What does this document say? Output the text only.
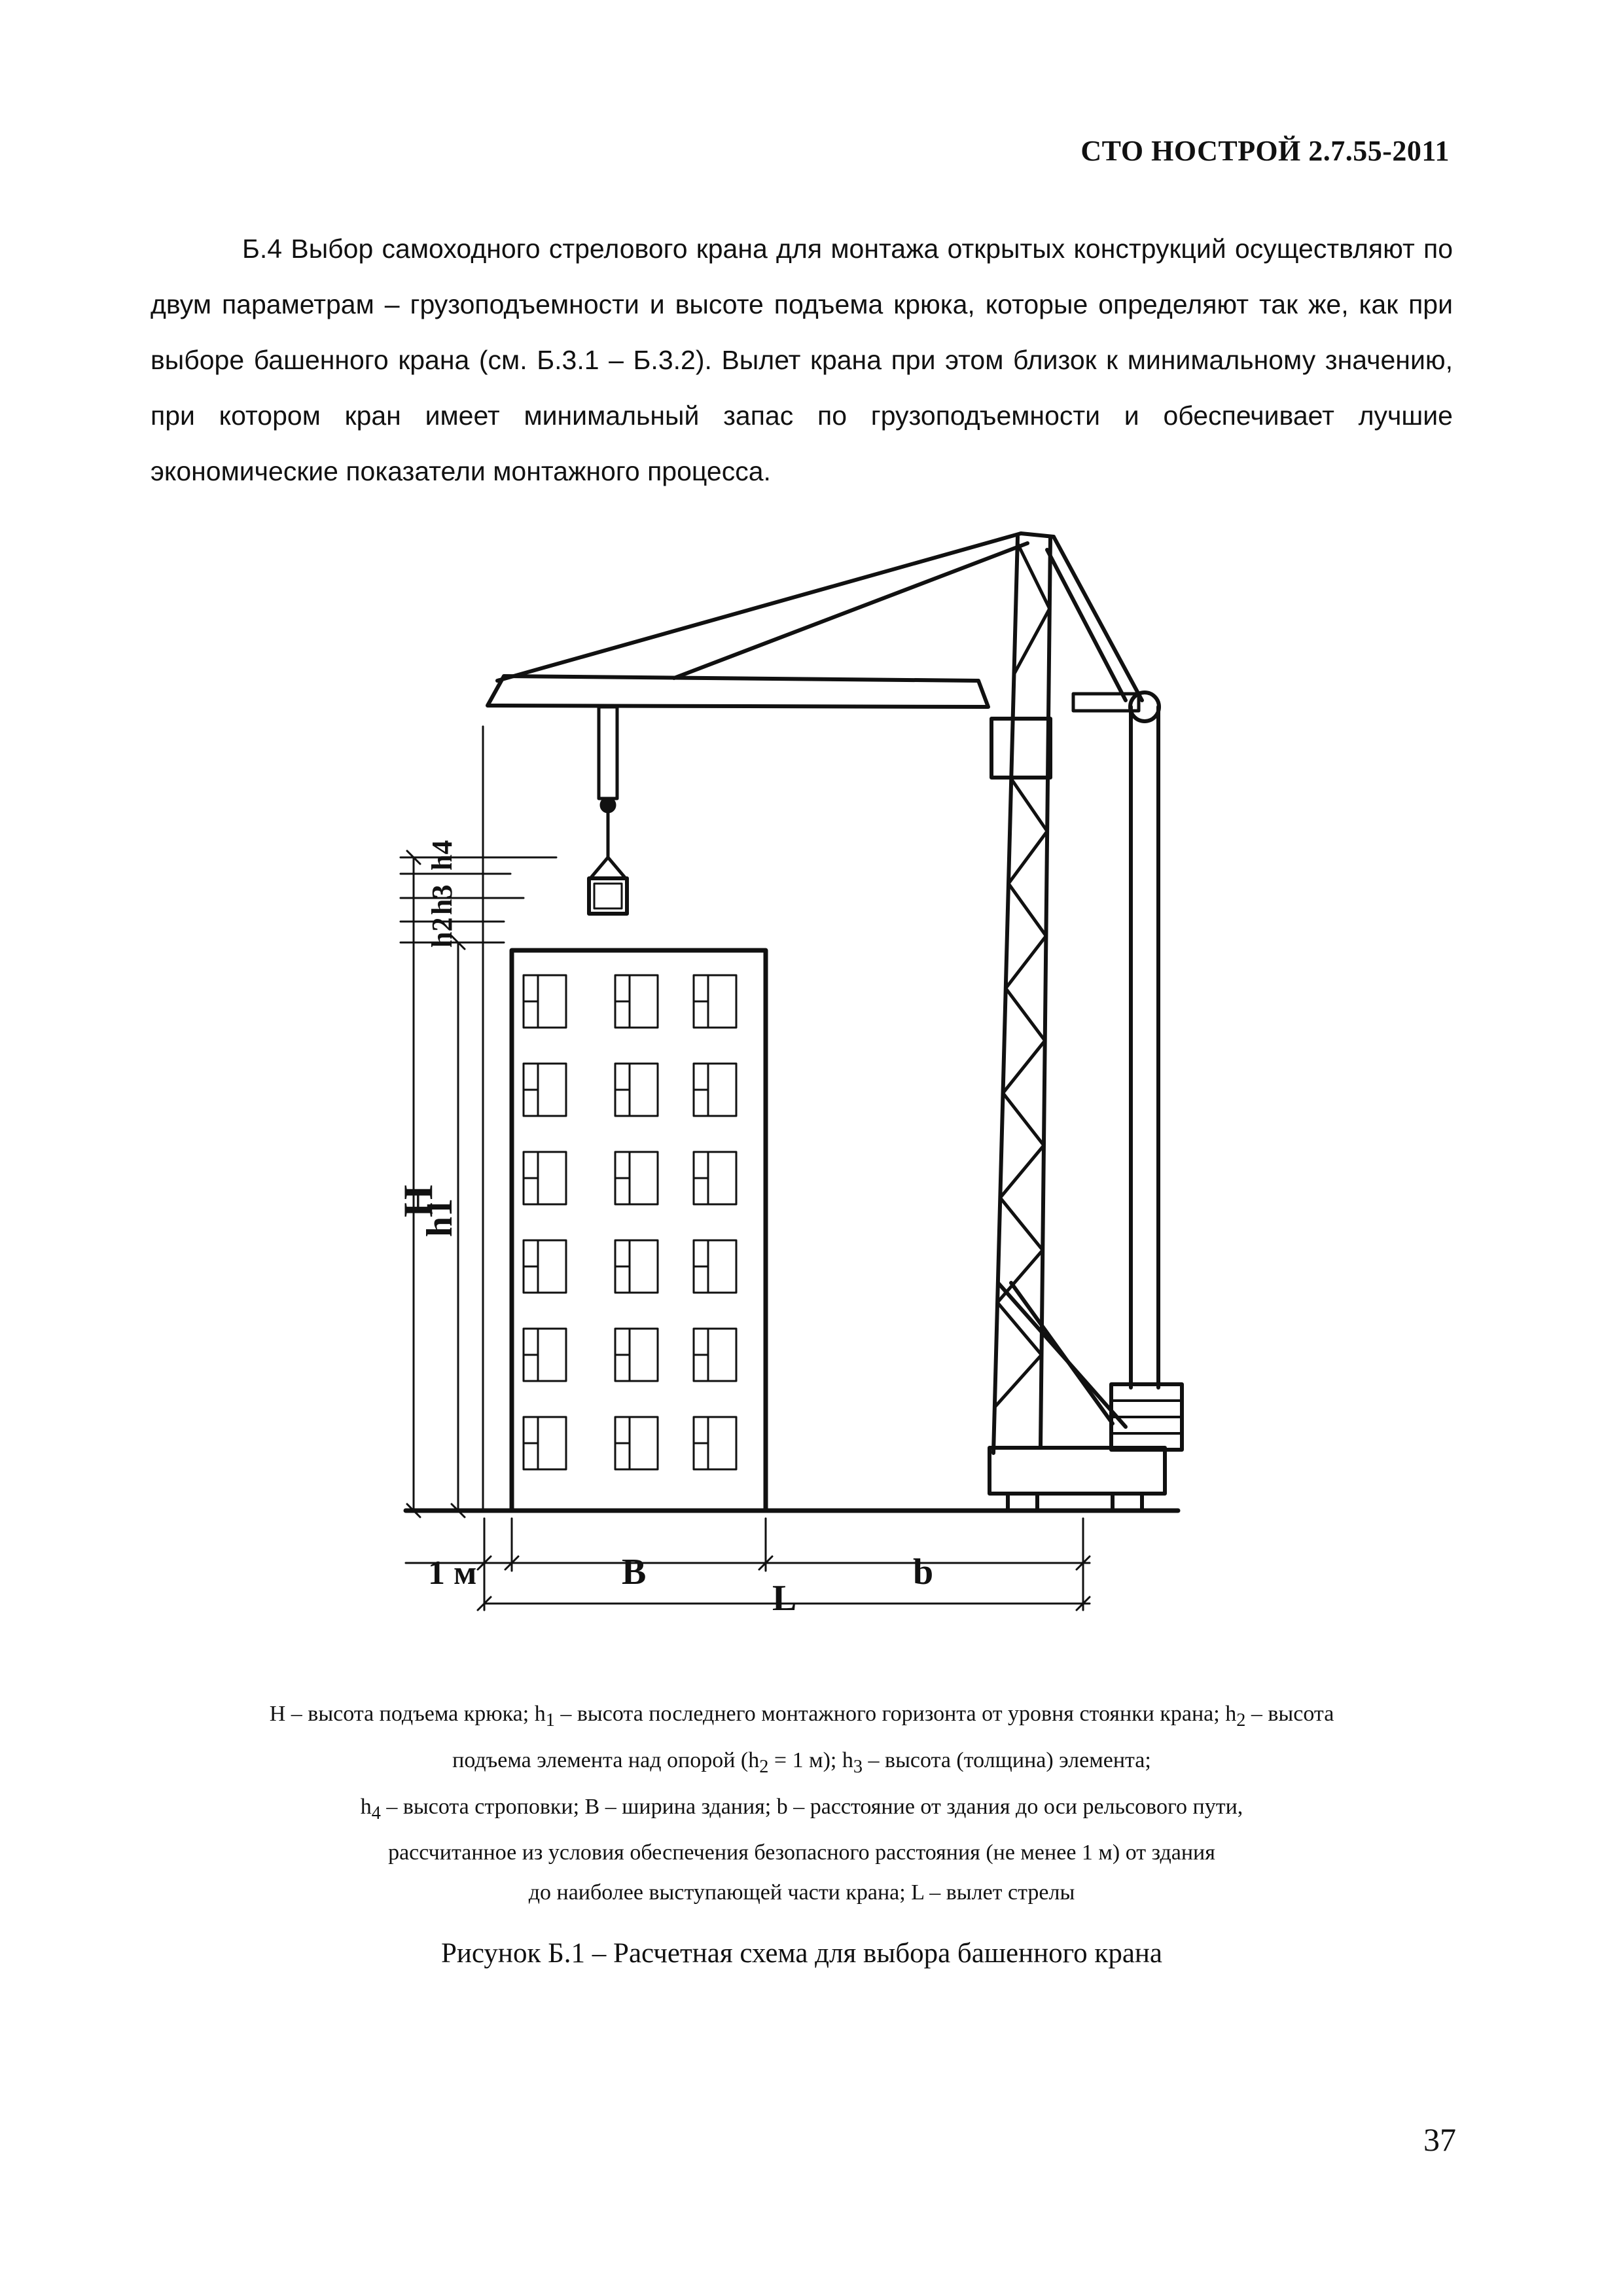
СТО НОСТРОЙ 2.7.55-2011
Б.4 Выбор самоходного стрелового крана для монтажа открытых конструкций осуществляют по двум параметрам – грузоподъемности и высоте подъема крюка, которые определяют так же, как при выборе башенного крана (см. Б.3.1 – Б.3.2). Вылет крана при этом близок к минимальному значению, при котором кран имеет минимальный запас по грузоподъемности и обеспечивает лучшие экономические показатели монтажного процесса.
H
h1
h2
h3
h4
1 м	B	b
L
H – высота подъема крюка; $h_1$ – высота последнего монтажного горизонта от уровня стоянки крана; $h_2$ – высота
подъема элемента над опорой ($h_2 = 1$ м); $h_3$ – высота (толщина) элемента;
$h_4$ – высота строповки; B – ширина здания; b – расстояние от здания до оси рельсового пути,
рассчитанное из условия обеспечения безопасного расстояния (не менее 1 м) от здания
до наиболее выступающей части крана; L – вылет стрелы
Рисунок Б.1 – Расчетная схема для выбора башенного крана
37
